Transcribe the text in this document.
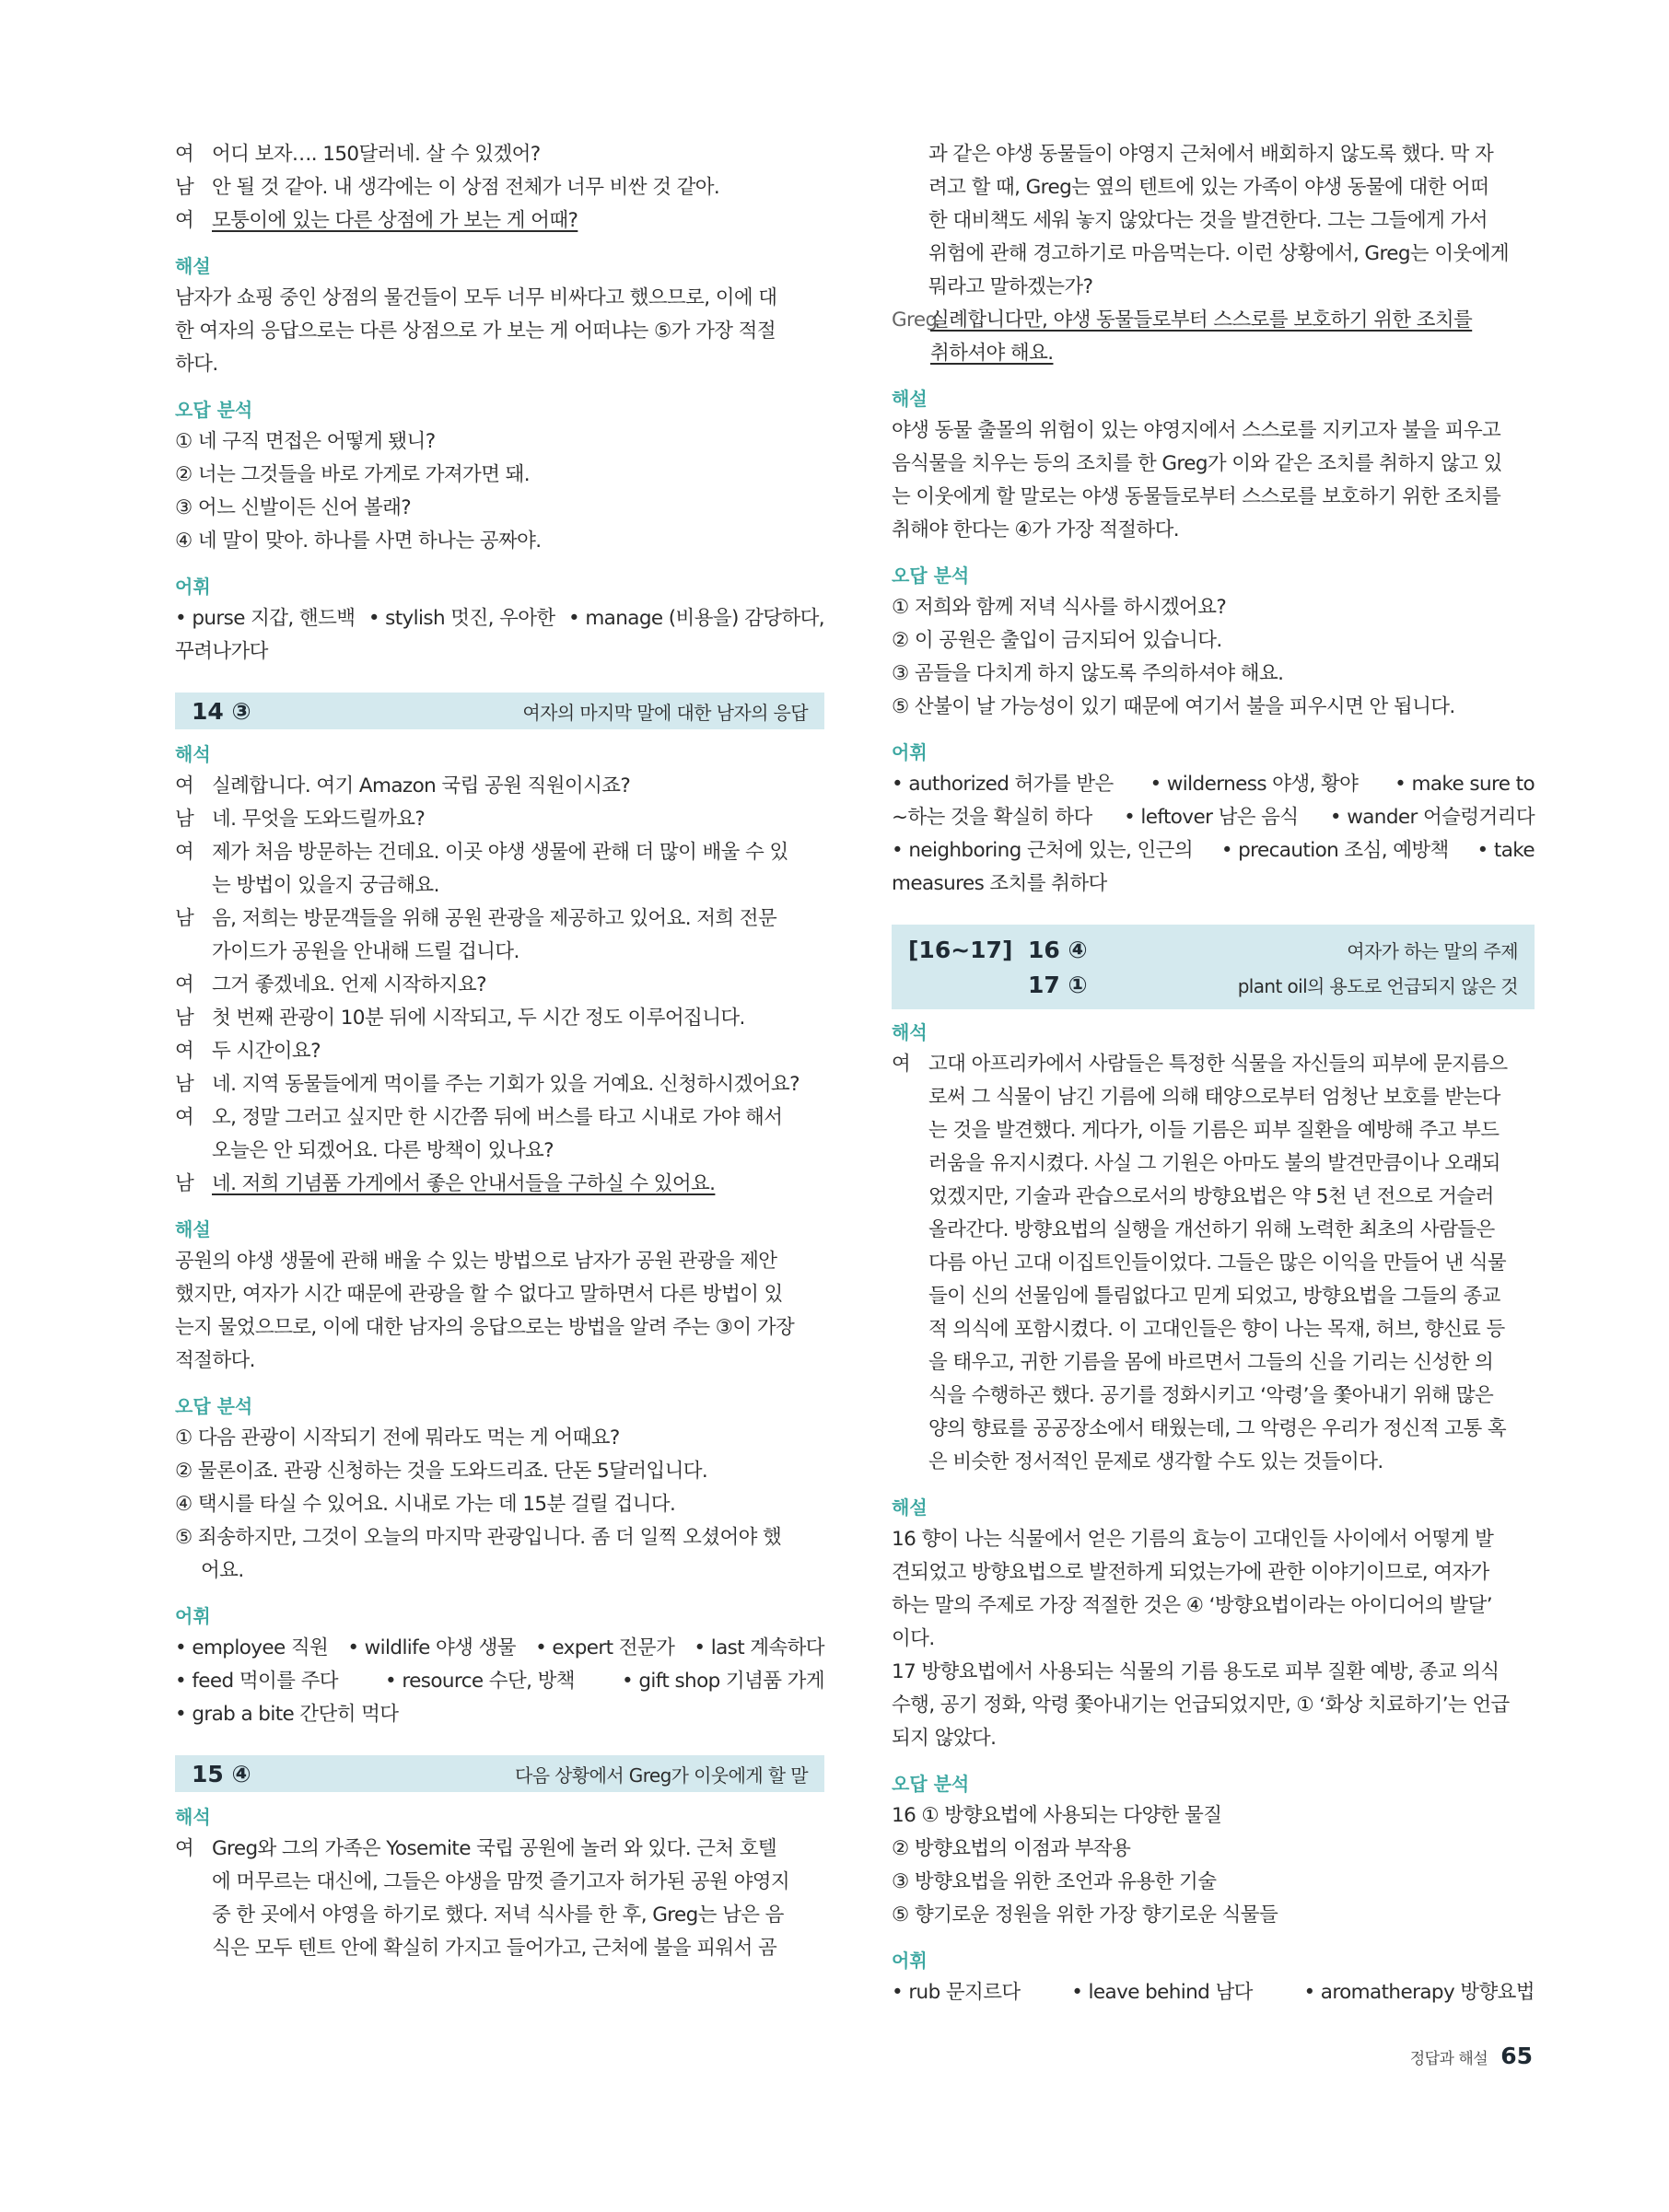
여 어디 보자…. 150달러네. 살 수 있겠어?
남 안 될 것 같아. 내 생각에는 이 상점 전체가 너무 비싼 것 같아.
여 모퉁이에 있는 다른 상점에 가 보는 게 어때?
해설
남자가 쇼핑 중인 상점의 물건들이 모두 너무 비싸다고 했으므로, 이에 대
한 여자의 응답으로는 다른 상점으로 가 보는 게 어떠냐는 ⑤가 가장 적절
하다.
오답 분석
① 네 구직 면접은 어떻게 됐니?
② 너는 그것들을 바로 가게로 가져가면 돼.
③ 어느 신발이든 신어 볼래?
④ 네 말이 맞아. 하나를 사면 하나는 공짜야.
어휘
• purse 지갑, 핸드백 • stylish 멋진, 우아한 • manage (비용을) 감당하다,
꾸려나가다
14 ③	여자의 마지막 말에 대한 남자의 응답
해석
여 실례합니다. 여기 Amazon 국립 공원 직원이시죠?
남 네. 무엇을 도와드릴까요?
여 제가 처음 방문하는 건데요. 이곳 야생 생물에 관해 더 많이 배울 수 있
는 방법이 있을지 궁금해요.
남 음, 저희는 방문객들을 위해 공원 관광을 제공하고 있어요. 저희 전문
가이드가 공원을 안내해 드릴 겁니다.
여 그거 좋겠네요. 언제 시작하지요?
남 첫 번째 관광이 10분 뒤에 시작되고, 두 시간 정도 이루어집니다.
여 두 시간이요?
남 네. 지역 동물들에게 먹이를 주는 기회가 있을 거예요. 신청하시겠어요?
여 오, 정말 그러고 싶지만 한 시간쯤 뒤에 버스를 타고 시내로 가야 해서
오늘은 안 되겠어요. 다른 방책이 있나요?
남 네. 저희 기념품 가게에서 좋은 안내서들을 구하실 수 있어요.
해설
공원의 야생 생물에 관해 배울 수 있는 방법으로 남자가 공원 관광을 제안
했지만, 여자가 시간 때문에 관광을 할 수 없다고 말하면서 다른 방법이 있
는지 물었으므로, 이에 대한 남자의 응답으로는 방법을 알려 주는 ③이 가장
적절하다.
오답 분석
① 다음 관광이 시작되기 전에 뭐라도 먹는 게 어때요?
② 물론이죠. 관광 신청하는 것을 도와드리죠. 단돈 5달러입니다.
④ 택시를 타실 수 있어요. 시내로 가는 데 15분 걸릴 겁니다.
⑤ 죄송하지만, 그것이 오늘의 마지막 관광입니다. 좀 더 일찍 오셨어야 했
어요.
어휘
• employee 직원 • wildlife 야생 생물 • expert 전문가 • last 계속하다
• feed 먹이를 주다 • resource 수단, 방책 • gift shop 기념품 가게
• grab a bite 간단히 먹다
15 ④	다음 상황에서 Greg가 이웃에게 할 말
해석
여 Greg와 그의 가족은 Yosemite 국립 공원에 놀러 와 있다. 근처 호텔
에 머무르는 대신에, 그들은 야생을 맘껏 즐기고자 허가된 공원 야영지
중 한 곳에서 야영을 하기로 했다. 저녁 식사를 한 후, Greg는 남은 음
식은 모두 텐트 안에 확실히 가지고 들어가고, 근처에 불을 피워서 곰
과 같은 야생 동물들이 야영지 근처에서 배회하지 않도록 했다. 막 자
려고 할 때, Greg는 옆의 텐트에 있는 가족이 야생 동물에 대한 어떠
한 대비책도 세워 놓지 않았다는 것을 발견한다. 그는 그들에게 가서
위험에 관해 경고하기로 마음먹는다. 이런 상황에서, Greg는 이웃에게
뭐라고 말하겠는가?
Greg
실례합니다만, 야생 동물들로부터 스스로를 보호하기 위한 조치를
취하셔야 해요.
해설
야생 동물 출몰의 위험이 있는 야영지에서 스스로를 지키고자 불을 피우고
음식물을 치우는 등의 조치를 한 Greg가 이와 같은 조치를 취하지 않고 있
는 이웃에게 할 말로는 야생 동물들로부터 스스로를 보호하기 위한 조치를
취해야 한다는 ④가 가장 적절하다.
오답 분석
① 저희와 함께 저녁 식사를 하시겠어요?
② 이 공원은 출입이 금지되어 있습니다.
③ 곰들을 다치게 하지 않도록 주의하셔야 해요.
⑤ 산불이 날 가능성이 있기 때문에 여기서 불을 피우시면 안 됩니다.
어휘
• authorized 허가를 받은 • wilderness 야생, 황야 • make sure to
~하는 것을 확실히 하다 • leftover 남은 음식 • wander 어슬렁거리다
• neighboring 근처에 있는, 인근의 • precaution 조심, 예방책 • take
measures 조치를 취하다
[16~17] 16 ④	여자가 하는 말의 주제
17 ①	plant oil의 용도로 언급되지 않은 것
해석
여 고대 아프리카에서 사람들은 특정한 식물을 자신들의 피부에 문지름으
로써 그 식물이 남긴 기름에 의해 태양으로부터 엄청난 보호를 받는다
는 것을 발견했다. 게다가, 이들 기름은 피부 질환을 예방해 주고 부드
러움을 유지시켰다. 사실 그 기원은 아마도 불의 발견만큼이나 오래되
었겠지만, 기술과 관습으로서의 방향요법은 약 5천 년 전으로 거슬러
올라간다. 방향요법의 실행을 개선하기 위해 노력한 최초의 사람들은
다름 아닌 고대 이집트인들이었다. 그들은 많은 이익을 만들어 낸 식물
들이 신의 선물임에 틀림없다고 믿게 되었고, 방향요법을 그들의 종교
적 의식에 포함시켰다. 이 고대인들은 향이 나는 목재, 허브, 향신료 등
을 태우고, 귀한 기름을 몸에 바르면서 그들의 신을 기리는 신성한 의
식을 수행하곤 했다. 공기를 정화시키고 ‘악령’을 쫓아내기 위해 많은
양의 향료를 공공장소에서 태웠는데, 그 악령은 우리가 정신적 고통 혹
은 비슷한 정서적인 문제로 생각할 수도 있는 것들이다.
해설
16 향이 나는 식물에서 얻은 기름의 효능이 고대인들 사이에서 어떻게 발
견되었고 방향요법으로 발전하게 되었는가에 관한 이야기이므로, 여자가
하는 말의 주제로 가장 적절한 것은 ④ ‘방향요법이라는 아이디어의 발달’
이다.
17 방향요법에서 사용되는 식물의 기름 용도로 피부 질환 예방, 종교 의식
수행, 공기 정화, 악령 쫓아내기는 언급되었지만, ① ‘화상 치료하기’는 언급
되지 않았다.
오답 분석
16 ① 방향요법에 사용되는 다양한 물질
② 방향요법의 이점과 부작용
③ 방향요법을 위한 조언과 유용한 기술
⑤ 향기로운 정원을 위한 가장 향기로운 식물들
어휘
• rub 문지르다	• leave behind 남다	• aromatherapy 방향요법
정답과 해설 65
